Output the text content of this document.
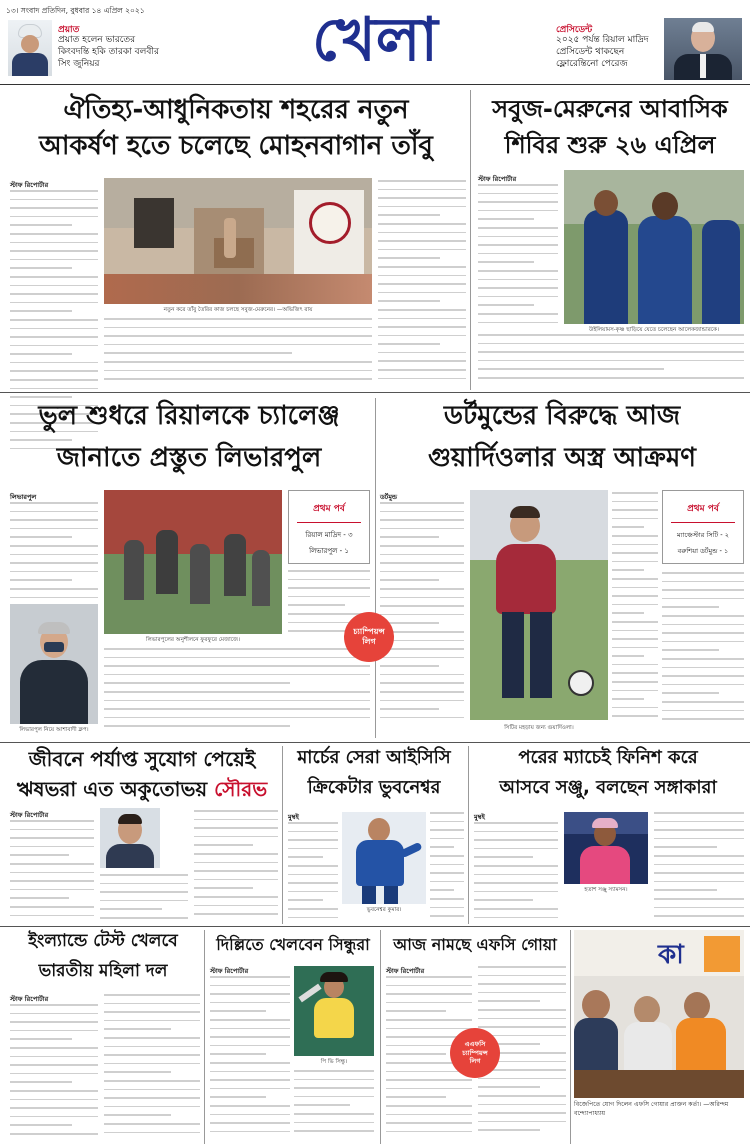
১৩। সংবাদ প্রতিদিন, বুধবার ১৪ এপ্রিল ২০২১
প্রয়াত
প্রয়াত হলেন ভারতের কিংবদন্তি হকি তারকা বলবীর সিং জুনিয়র	খেলা	প্রেসিডেন্ট
২০২৫ পর্যন্ত রিয়াল মাদ্রিদ প্রেসিডেন্ট থাকছেন ফ্লোরেন্তিনো পেরেজ
ঐতিহ্য-আধুনিকতায় শহরের নতুন
আকর্ষণ হতে চলেছে মোহনবাগান তাঁবু
স্টাফ রিপোর্টার
নতুন করে তাঁবু তৈরির কাজ চলছে সবুজ-মেরুনের। —অভিজিৎ রায়
সবুজ-মেরুনের আবাসিক
শিবির শুরু ২৬ এপ্রিল
স্টাফ রিপোর্টার
উইলিয়ামস-কৃষ্ণ ছাড়িয়ে যেতে চলেছেন আলেকজান্ডারকে।
ভুল শুধরে রিয়ালকে চ্যালেঞ্জ
জানাতে প্রস্তুত লিভারপুল
লিভারপুল
লিভারপুলের অনুশীলনে ফুরফুরে মেজাজে।
প্রথম পর্ব
রিয়াল মাদ্রিদ - ৩
লিভারপুল - ১
লিভারপুল নিয়ে আশাবাদী ক্লপ।
ডর্টমুন্ডের বিরুদ্ধে আজ
গুয়ার্দিওলার অস্ত্র আক্রমণ
ডর্টমুন্ড
সিটির মহড়ায় জন্য গুয়ার্দিওলা।
প্রথম পর্ব
ম্যাঞ্চেস্টার সিটি - ২
বরুশিয়া ডর্টমুন্ড - ১
চ্যাম্পিয়ন্স লিগ
জীবনে পর্যাপ্ত সুযোগ পেয়েই
ঋষভরা এত অকুতোভয় সৌরভ
স্টাফ রিপোর্টার
মার্চের সেরা আইসিসি
ক্রিকেটার ভুবনেশ্বর
মুম্বই
ভুবনেশ্বর কুমার।
পরের ম্যাচেই ফিনিশ করে
আসবে সঞ্জু, বলছেন সঙ্গাকারা
মুম্বই
হতাশ সঞ্জু স্যামসন।
ইংল্যান্ডে টেস্ট খেলবে
ভারতীয় মহিলা দল
স্টাফ রিপোর্টার
দিল্লিতে খেলবেন সিন্ধুরা
স্টাফ রিপোর্টার
পি ভি সিন্ধু।
আজ নামছে এফসি গোয়া
স্টাফ রিপোর্টার
এএফসি চ্যাম্পিয়ন্স লিগ
কা
বিজেপিতে যোগ দিলেন এফসি গোয়ার প্রাক্তন কর্তা। —অরিন্দম বন্দ্যোপাধ্যায়
